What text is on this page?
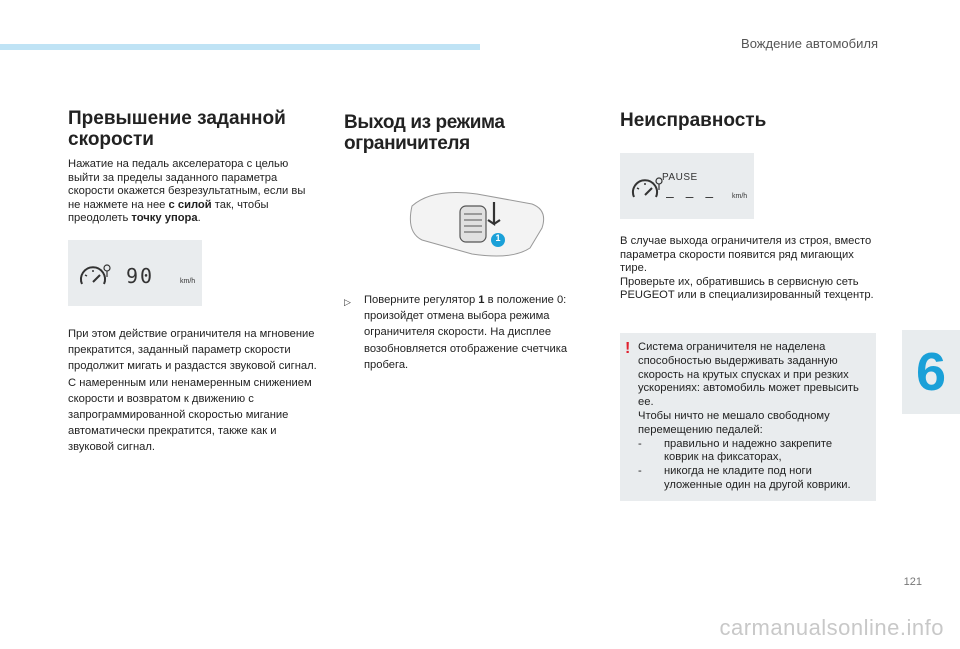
Вождение автомобиля
6
121
carmanualsonline.info
Превышение заданной
скорости

Нажатие на педаль акселератора с целью выйти за пределы заданного параметра скорости окажется безрезультатным, если вы не нажмете на нее с силой так, чтобы преодолеть точку упора.

90	km/h

При этом действие ограничителя на мгновение прекратится, заданный параметр скорости продолжит мигать и раздастся звуковой сигнал.

С намеренным или ненамеренным снижением скорости и возвратом к движению с запрограммированной скоростью мигание автоматически прекратится, также как и звуковой сигнал.

Выход из режима ограничителя
1
▷	Поверните регулятор 1 в положение 0: произойдет отмена выбора режима ограничителя скорости. На дисплее возобновляется отображение счетчика пробега.

Неисправность
PAUSE
– – – km/h

В случае выхода ограничителя из строя, вместо параметра скорости появится ряд мигающих тире.

Проверьте их, обратившись в сервисную сеть PEUGEOT или в специализированный техцентр.

! Система ограничителя не наделена способностью выдерживать заданную скорость на крутых спусках и при резких ускорениях: автомобиль может превысить ее.

Чтобы ничто не мешало свободному перемещению педалей:

-	правильно и надежно закрепите коврик на фиксаторах,
-	никогда не кладите под ноги уложенные один на другой коврики.
